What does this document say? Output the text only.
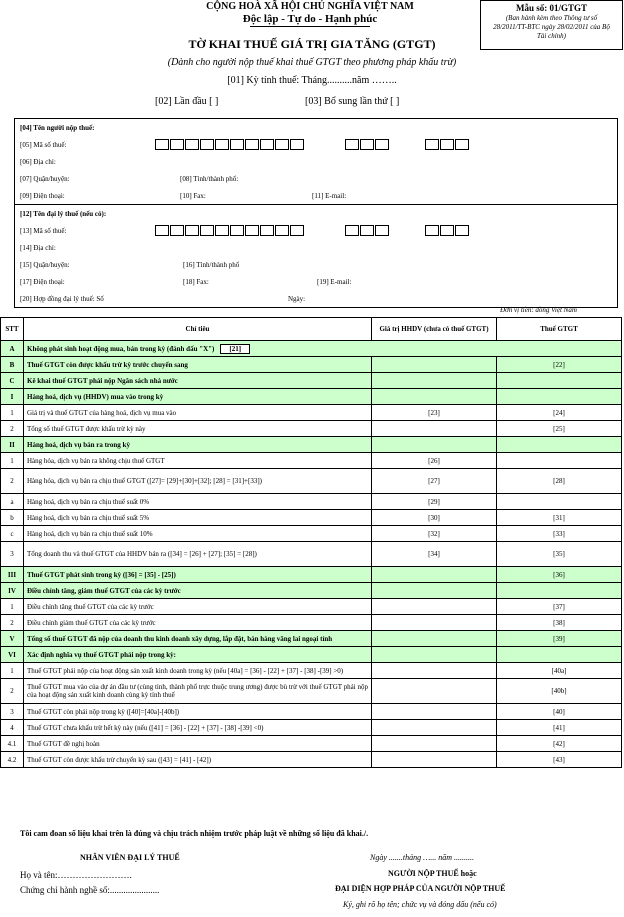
CỘNG HOÀ XÃ HỘI CHỦ NGHĨA VIỆT NAM
Độc lập - Tự do - Hạnh phúc
TỜ KHAI THUẾ GIÁ TRỊ GIA TĂNG (GTGT)
(Dành cho người nộp thuế khai thuế GTGT theo phương pháp khấu trừ)
[01] Kỳ tính thuế: Tháng..........năm ……..
[02] Lần đầu [ ]	[03] Bổ sung lần thứ [ ]
Mẫu số: 01/GTGT
(Ban hành kèm theo Thông tư số 28/2011/TT-BTC ngày 28/02/2011 của Bộ Tài chính)
[04] Tên người nộp thuế:
[05] Mã số thuế:
[06] Địa chỉ:
[07] Quận/huyện:	[08] Tỉnh/thành phố:
[09] Điện thoại:	[10] Fax:	[11] E-mail:
[12] Tên đại lý thuế (nếu có):
[13] Mã số thuế:
[14] Địa chỉ:
[15] Quận/huyện:	[16] Tỉnh/thành phố
[17] Điện thoại:	[18] Fax:	[19] E-mail:
[20] Hợp đồng đại lý thuế: Số	Ngày:
Đơn vị tiền: đồng Việt Nam
STT	Chỉ tiêu	Giá trị HHDV (chưa có thuế GTGT)	Thuế GTGT
A	Không phát sinh hoạt động mua, bán trong kỳ (đánh dấu "X") [21]		
B	Thuế GTGT còn được khấu trừ kỳ trước chuyển sang		[22]
C	Kê khai thuế GTGT phải nộp Ngân sách nhà nước		
I	Hàng hoá, dịch vụ (HHDV) mua vào trong kỳ		
1	Giá trị và thuế GTGT của hàng hoá, dịch vụ mua vào	[23]	[24]
2	Tổng số thuế GTGT được khấu trừ kỳ này		[25]
II	Hàng hoá, dịch vụ bán ra trong kỳ		
1	Hàng hóa, dịch vụ bán ra không chịu thuế GTGT	[26]	
2	Hàng hóa, dịch vụ bán ra chịu thuế GTGT ([27]= [29]+[30]+[32]; [28] = [31]+[33])	[27]	[28]
a	Hàng hoá, dịch vụ bán ra chịu thuế suất 0%	[29]	
b	Hàng hoá, dịch vụ bán ra chịu thuế suất 5%	[30]	[31]
c	Hàng hoá, dịch vụ bán ra chịu thuế suất 10%	[32]	[33]
3	Tổng doanh thu và thuế GTGT của HHDV bán ra ([34] = [26] + [27]; [35] = [28])	[34]	[35]
III	Thuế GTGT phát sinh trong kỳ ([36] = [35] - [25])		[36]
IV	Điều chỉnh tăng, giảm thuế GTGT của các kỳ trước		
1	Điều chỉnh tăng thuế GTGT của các kỳ trước		[37]
2	Điều chỉnh giảm thuế GTGT của các kỳ trước		[38]
V	Tổng số thuế GTGT đã nộp của doanh thu kinh doanh xây dựng, lắp đặt, bán hàng vãng lai ngoại tỉnh		[39]
VI	Xác định nghĩa vụ thuế GTGT phải nộp trong kỳ:		
1	Thuế GTGT phải nộp của hoạt động sản xuất kinh doanh trong kỳ (nếu [40a] = [36] - [22] + [37] - [38] -[39] >0)		[40a]
2	Thuế GTGT mua vào của dự án đầu tư (cùng tỉnh, thành phố trực thuộc trung ương) được bù trừ với thuế GTGT phải nộp của hoạt động sản xuất kinh doanh cùng kỳ tính thuế		[40b]
3	Thuế GTGT còn phải nộp trong kỳ ([40]=[40a]-[40b])		[40]
4	Thuế GTGT chưa khấu trừ hết kỳ này (nếu ([41] = [36] - [22] + [37] - [38] -[39] <0)		[41]
4.1	Thuế GTGT đề nghị hoàn		[42]
4.2	Thuế GTGT còn được khấu trừ chuyển kỳ sau ([43] = [41] - [42])		[43]
Tôi cam đoan số liệu khai trên là đúng và chịu trách nhiệm trước pháp luật về những số liệu đã khai./.
Ngày .......tháng …... năm ..........
NHÂN VIÊN ĐẠI LÝ THUẾ
NGƯỜI NỘP THUẾ hoặc
Họ và tên:…………………….
ĐẠI DIỆN HỢP PHÁP CỦA NGƯỜI NỘP THUẾ
Chứng chỉ hành nghề số:......................
Ký, ghi rõ họ tên; chức vụ và đóng dấu (nếu có)
